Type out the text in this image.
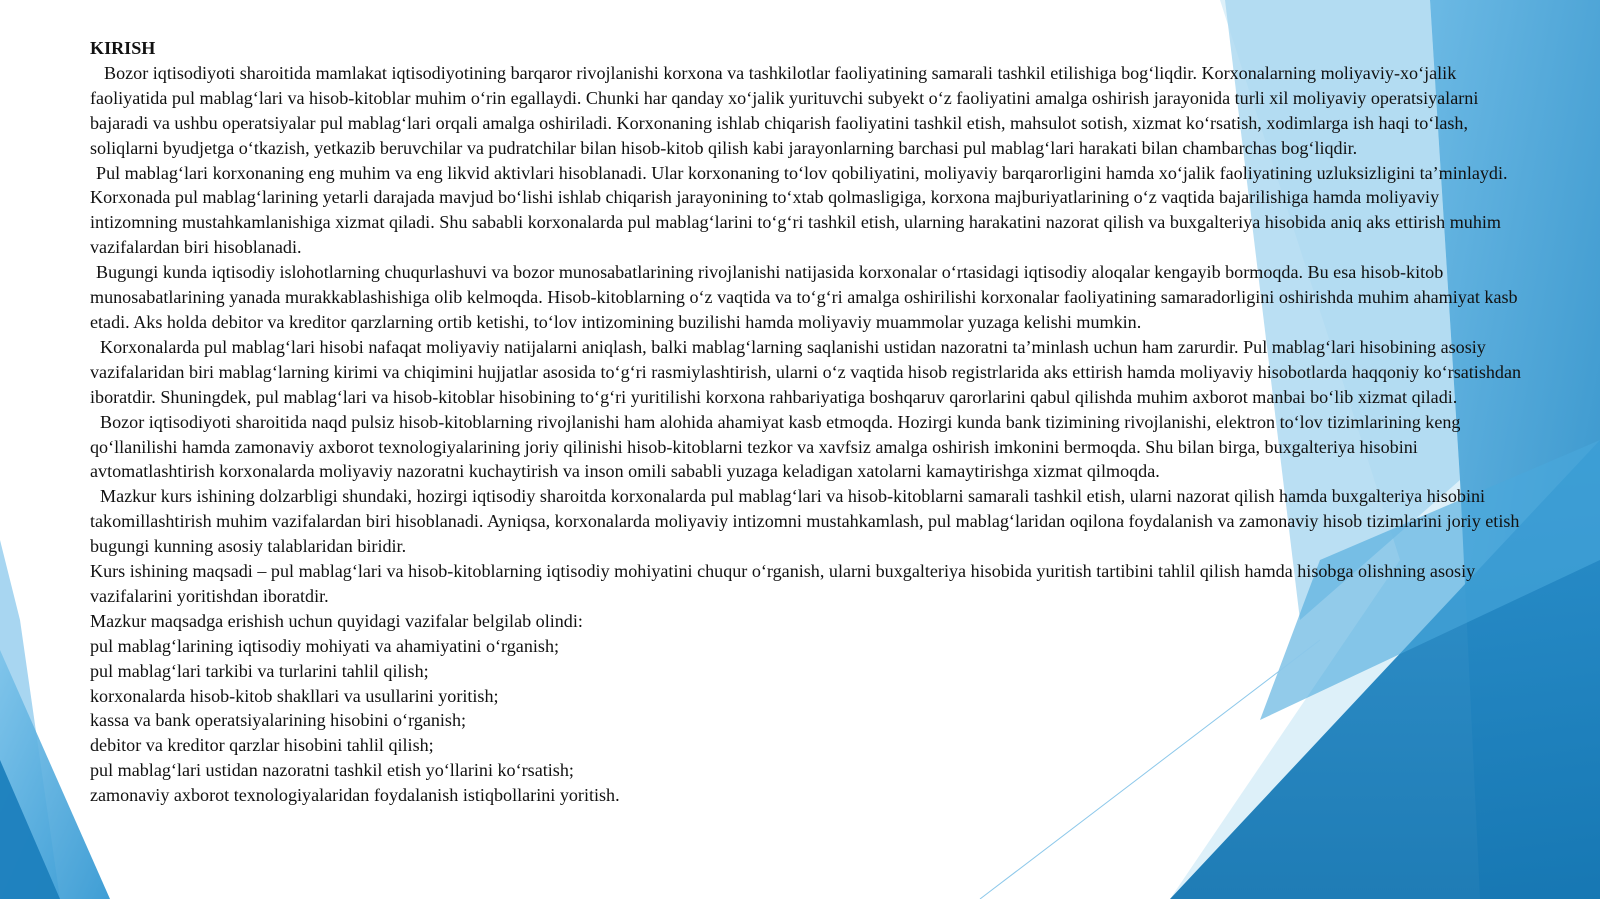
KIRISH

Bozor iqtisodiyoti sharoitida mamlakat iqtisodiyotining barqaror rivojlanishi korxona va tashkilotlar faoliyatining samarali tashkil etilishiga bog‘liqdir. Korxonalarning moliyaviy-xo‘jalik faoliyatida pul mablag‘lari va hisob-kitoblar muhim o‘rin egallaydi. Chunki har qanday xo‘jalik yurituvchi subyekt o‘z faoliyatini amalga oshirish jarayonida turli xil moliyaviy operatsiyalarni bajaradi va ushbu operatsiyalar pul mablag‘lari orqali amalga oshiriladi. Korxonaning ishlab chiqarish faoliyatini tashkil etish, mahsulot sotish, xizmat ko‘rsatish, xodimlarga ish haqi to‘lash, soliqlarni byudjetga o‘tkazish, yetkazib beruvchilar va pudratchilar bilan hisob-kitob qilish kabi jarayonlarning barchasi pul mablag‘lari harakati bilan chambarchas bog‘liqdir.

Pul mablag‘lari korxonaning eng muhim va eng likvid aktivlari hisoblanadi. Ular korxonaning to‘lov qobiliyatini, moliyaviy barqarorligini hamda xo‘jalik faoliyatining uzluksizligini ta’minlaydi. Korxonada pul mablag‘larining yetarli darajada mavjud bo‘lishi ishlab chiqarish jarayonining to‘xtab qolmasligiga, korxona majburiyatlarining o‘z vaqtida bajarilishiga hamda moliyaviy intizomning mustahkamlanishiga xizmat qiladi. Shu sababli korxonalarda pul mablag‘larini to‘g‘ri tashkil etish, ularning harakatini nazorat qilish va buxgalteriya hisobida aniq aks ettirish muhim vazifalardan biri hisoblanadi.

Bugungi kunda iqtisodiy islohotlarning chuqurlashuvi va bozor munosabatlarining rivojlanishi natijasida korxonalar o‘rtasidagi iqtisodiy aloqalar kengayib bormoqda. Bu esa hisob-kitob munosabatlarining yanada murakkablashishiga olib kelmoqda. Hisob-kitoblarning o‘z vaqtida va to‘g‘ri amalga oshirilishi korxonalar faoliyatining samaradorligini oshirishda muhim ahamiyat kasb etadi. Aks holda debitor va kreditor qarzlarning ortib ketishi, to‘lov intizomining buzilishi hamda moliyaviy muammolar yuzaga kelishi mumkin.

Korxonalarda pul mablag‘lari hisobi nafaqat moliyaviy natijalarni aniqlash, balki mablag‘larning saqlanishi ustidan nazoratni ta’minlash uchun ham zarurdir. Pul mablag‘lari hisobining asosiy vazifalaridan biri mablag‘larning kirimi va chiqimini hujjatlar asosida to‘g‘ri rasmiylashtirish, ularni o‘z vaqtida hisob registrlarida aks ettirish hamda moliyaviy hisobotlarda haqqoniy ko‘rsatishdan iboratdir. Shuningdek, pul mablag‘lari va hisob-kitoblar hisobining to‘g‘ri yuritilishi korxona rahbariyatiga boshqaruv qarorlarini qabul qilishda muhim axborot manbai bo‘lib xizmat qiladi.

Bozor iqtisodiyoti sharoitida naqd pulsiz hisob-kitoblarning rivojlanishi ham alohida ahamiyat kasb etmoqda. Hozirgi kunda bank tizimining rivojlanishi, elektron to‘lov tizimlarining keng qo‘llanilishi hamda zamonaviy axborot texnologiyalarining joriy qilinishi hisob-kitoblarni tezkor va xavfsiz amalga oshirish imkonini bermoqda. Shu bilan birga, buxgalteriya hisobini avtomatlashtirish korxonalarda moliyaviy nazoratni kuchaytirish va inson omili sababli yuzaga keladigan xatolarni kamaytirishga xizmat qilmoqda.

Mazkur kurs ishining dolzarbligi shundaki, hozirgi iqtisodiy sharoitda korxonalarda pul mablag‘lari va hisob-kitoblarni samarali tashkil etish, ularni nazorat qilish hamda buxgalteriya hisobini takomillashtirish muhim vazifalardan biri hisoblanadi. Ayniqsa, korxonalarda moliyaviy intizomni mustahkamlash, pul mablag‘laridan oqilona foydalanish va zamonaviy hisob tizimlarini joriy etish bugungi kunning asosiy talablaridan biridir.

Kurs ishining maqsadi – pul mablag‘lari va hisob-kitoblarning iqtisodiy mohiyatini chuqur o‘rganish, ularni buxgalteriya hisobida yuritish tartibini tahlil qilish hamda hisobga olishning asosiy vazifalarini yoritishdan iboratdir.

Mazkur maqsadga erishish uchun quyidagi vazifalar belgilab olindi:

pul mablag‘larining iqtisodiy mohiyati va ahamiyatini o‘rganish;

pul mablag‘lari tarkibi va turlarini tahlil qilish;

korxonalarda hisob-kitob shakllari va usullarini yoritish;

kassa va bank operatsiyalarining hisobini o‘rganish;

debitor va kreditor qarzlar hisobini tahlil qilish;

pul mablag‘lari ustidan nazoratni tashkil etish yo‘llarini ko‘rsatish;

zamonaviy axborot texnologiyalaridan foydalanish istiqbollarini yoritish.
